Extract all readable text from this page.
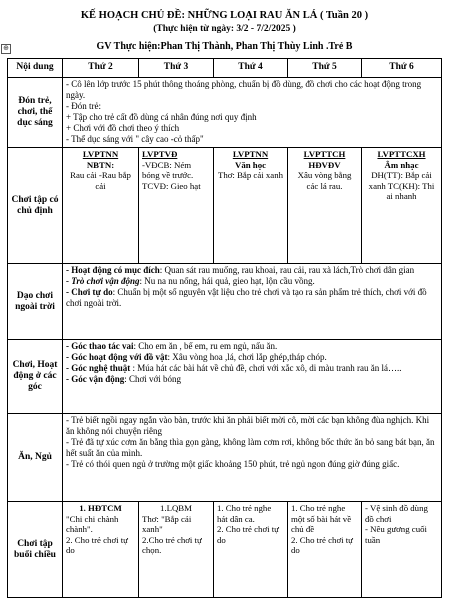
KẾ HOẠCH CHỦ ĐỀ: NHỮNG LOẠI RAU ĂN LÁ ( Tuần 20 )
(Thực hiện từ ngày: 3/2 - 7/2/2025 )
GV Thực hiện:Phan Thị Thành, Phan Thị Thùy Linh .Trẻ B
⊕
Nội dung	Thứ 2	Thứ 3	Thứ 4	Thứ 5	Thứ 6
Đón trẻ, chơi, thể dục sáng	- Cô lên lớp trước 15 phút thông thoáng phòng, chuẩn bị đồ dùng, đồ chơi cho các hoạt động trong ngày.
- Đón trẻ:
+ Tập cho trẻ cất đồ dùng cá nhân đúng nơi quy định
+ Chơi với đồ chơi theo ý thích
- Thể dục sáng với " cây cao -cỏ thấp"				

Chơi tập có chủ định	LVPTNN
NBTN:
Rau cải -Rau bắp cải	LVPTVĐ
-VĐCB: Ném bóng về trước.
TCVĐ: Gieo hạt	LVPTNN
Văn học
Thơ: Bắp cải xanh	LVPTTCH
HĐVĐV
Xâu vòng bằng các lá rau.	LVPTTCXH
Âm nhạc
DH(TT): Bắp cải xanh TC(KH): Thi ai nhanh

Dạo chơi ngoài trời	- Hoạt động có mục đích: Quan sát rau muống, rau khoai, rau cải, rau xà lách,Trò chơi dân gian
- Trò chơi vận động: Nu na nu nống, hái quả, gieo hạt, lộn cầu vồng.
- Chơi tự do: Chuẩn bị một số nguyên vật liệu cho trẻ chơi và tạo ra sản phẩm trẻ thích, chơi với đồ chơi ngoài trời.				

Chơi, Hoạt động ở các góc	- Góc thao tác vai: Cho em ăn , bế em, ru em ngủ, nấu ăn.
- Góc hoạt động với đồ vật: Xâu vòng hoa ,lá, chơi lắp ghép,tháp chóp.
- Góc nghệ thuật : Múa hát các bài hát về chủ đề, chơi với xắc xô, di màu tranh rau ăn lá…..
- Góc vận động: Chơi với bóng				

Ăn, Ngủ	- Trẻ biết ngồi ngay ngắn vào bàn, trước khi ăn phải biết mời cô, mời các bạn không đùa nghịch. Khi ăn không nói chuyện riêng
- Trẻ đã tự xúc cơm ăn bằng thìa gọn gàng, không làm cơm rơi, không bốc thức ăn bỏ sang bát bạn, ăn hết suất ăn của mình.
- Trẻ có thói quen ngủ ở trường một giấc khoảng 150 phút, trẻ ngủ ngon đúng giờ đúng giấc.				

Chơi tập buổi chiều	1. HĐTCM
"Chi chi chành chành".
2. Cho trẻ chơi tự do	1.LQBM
Thơ: "Bắp cải xanh"
2.Cho trẻ chơi tự chọn.	1. Cho trẻ nghe hát dân ca.
2. Cho trẻ chơi tự do	1. Cho trẻ nghe một số bài hát về chủ đề
2. Cho trẻ chơi tự do	- Vệ sinh đồ dùng đồ chơi
- Nêu gương cuối tuần
